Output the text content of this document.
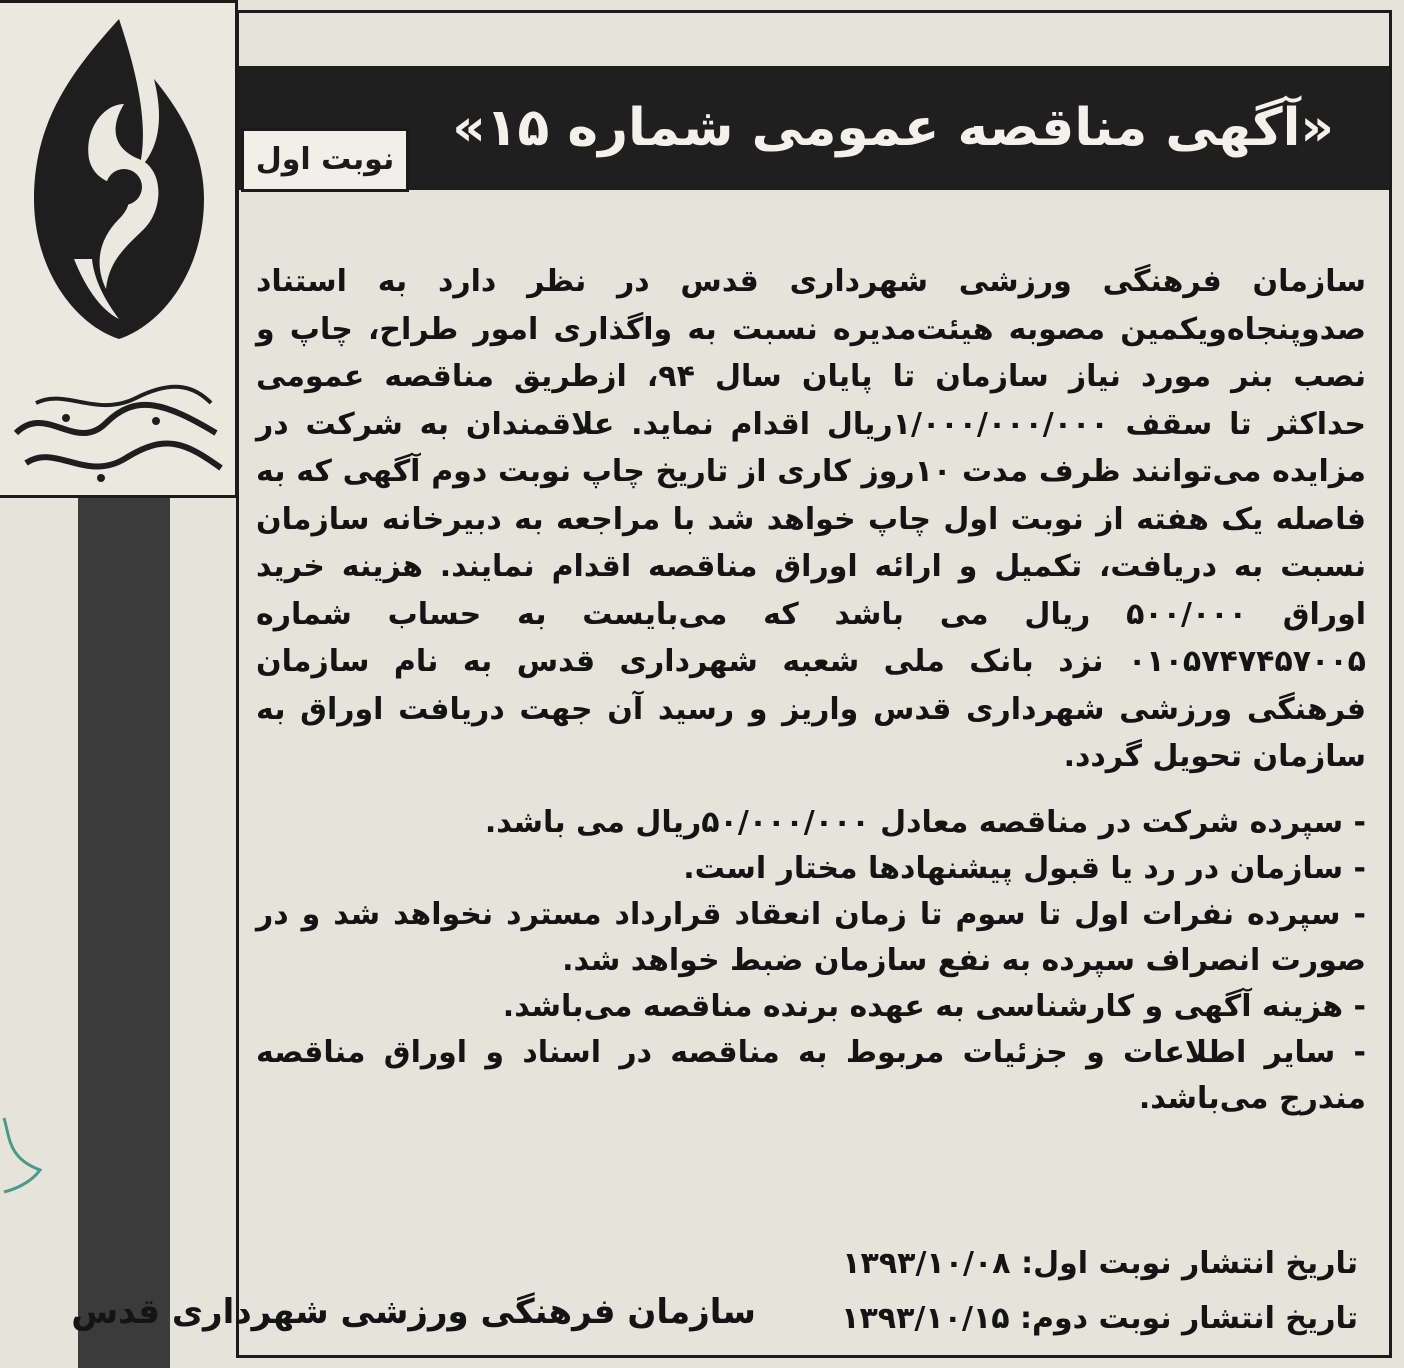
«آگهی مناقصه عمومی شماره ۱۵»
نوبت اول
سازمان فرهنگی ورزشی شهرداری قدس در نظر دارد به استناد صدوپنجاه‌ویکمین مصوبه هیئت‌مدیره نسبت به واگذاری امور طراح، چاپ و نصب بنر مورد نیاز سازمان تا پایان سال ۹۴، ازطریق مناقصه عمومی حداکثر تا سقف ۱/۰۰۰/۰۰۰/۰۰۰ریال اقدام نماید. علاقمندان به شرکت در مزایده می‌توانند ظرف مدت ۱۰روز کاری از تاریخ چاپ نوبت دوم آگهی که به فاصله یک هفته از نوبت اول چاپ خواهد شد با مراجعه به دبیرخانه سازمان نسبت به دریافت، تکمیل و ارائه اوراق مناقصه اقدام نمایند. هزینه خرید اوراق ۵۰۰/۰۰۰ ریال می باشد که می‌بایست به حساب شماره ۰۱۰۵۷۴۷۴۵۷۰۰۵ نزد بانک ملی شعبه شهرداری قدس به نام سازمان فرهنگی ورزشی شهرداری قدس واریز و رسید آن جهت دریافت اوراق به سازمان تحویل گردد.
- سپرده شرکت در مناقصه معادل ۵۰/۰۰۰/۰۰۰ریال می باشد.
- سازمان در رد یا قبول پیشنهادها مختار است.
- سپرده نفرات اول تا سوم تا زمان انعقاد قرارداد مسترد نخواهد شد و در صورت انصراف سپرده به نفع سازمان ضبط خواهد شد.
- هزینه آگهی و کارشناسی به عهده برنده مناقصه می‌باشد.
- سایر اطلاعات و جزئیات مربوط به مناقصه در اسناد و اوراق مناقصه مندرج می‌باشد.
تاریخ انتشار نوبت اول: ۱۳۹۳/۱۰/۰۸
تاریخ انتشار نوبت دوم: ۱۳۹۳/۱۰/۱۵
سازمان فرهنگی ورزشی شهرداری قدس
